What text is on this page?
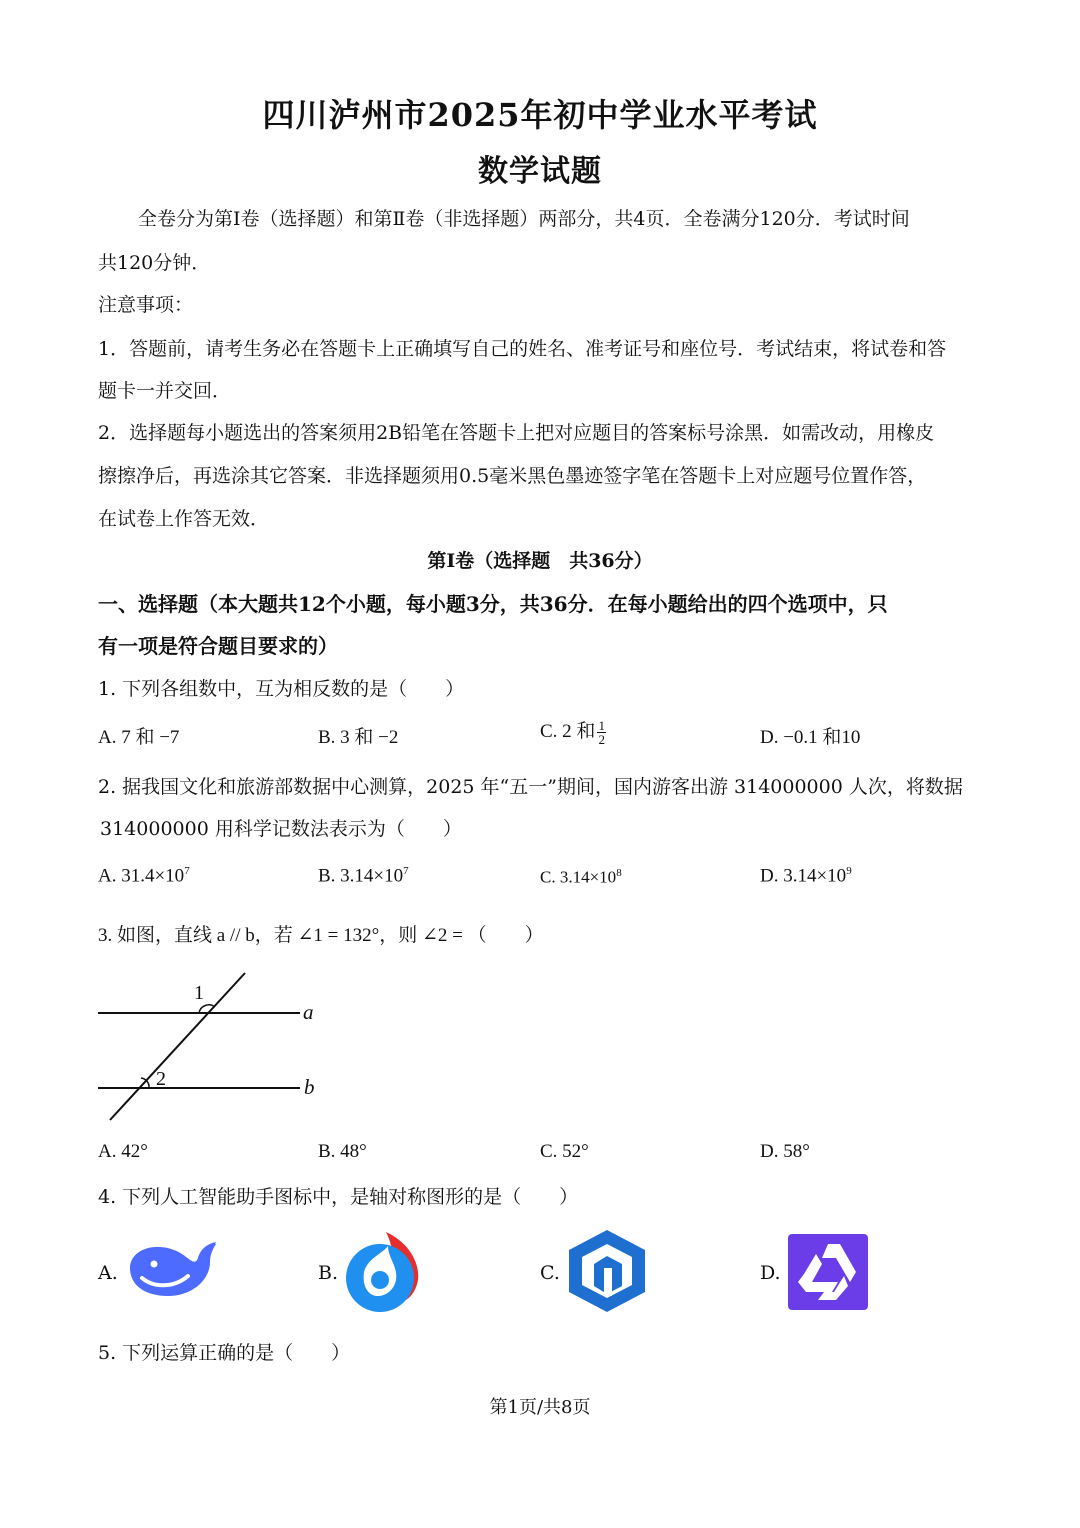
四川泸州市2025年初中学业水平考试
数学试题
全卷分为第Ⅰ卷（选择题）和第Ⅱ卷（非选择题）两部分，共4页．全卷满分120分．考试时间
共120分钟．
注意事项：
1．答题前，请考生务必在答题卡上正确填写自己的姓名、准考证号和座位号．考试结束，将试卷和答
题卡一并交回．
2．选择题每小题选出的答案须用2B铅笔在答题卡上把对应题目的答案标号涂黑．如需改动，用橡皮
擦擦净后，再选涂其它答案．非选择题须用0.5毫米黑色墨迹签字笔在答题卡上对应题号位置作答，
在试卷上作答无效．
第Ⅰ卷（选择题　共36分）
一、选择题（本大题共12个小题，每小题3分，共36分．在每小题给出的四个选项中，只
有一项是符合题目要求的）
1. 下列各组数中，互为相反数的是（　　）
A. 7 和 −7	B. 3 和 −2	C. 2 和 $\frac{1}{2}$	D. −0.1 和10
2. 据我国文化和旅游部数据中心测算，2025 年“五一”期间，国内游客出游 314000000 人次，将数据
314000000 用科学记数法表示为（　　）
A. $31.4\times 10^7$	B. $3.14\times 10^7$	C. $3.14\times 10^8$	D. $3.14\times 10^9$
3. 如图，直线 a // b，若 ∠1 = 132°，则 ∠2 = （　　）
1
2
a
b
A. 42°	B. 48°	C. 52°	D. 58°
4. 下列人工智能助手图标中，是轴对称图形的是（　　）
A.	B.	C.	D.
5. 下列运算正确的是（　　）
第1页/共8页
